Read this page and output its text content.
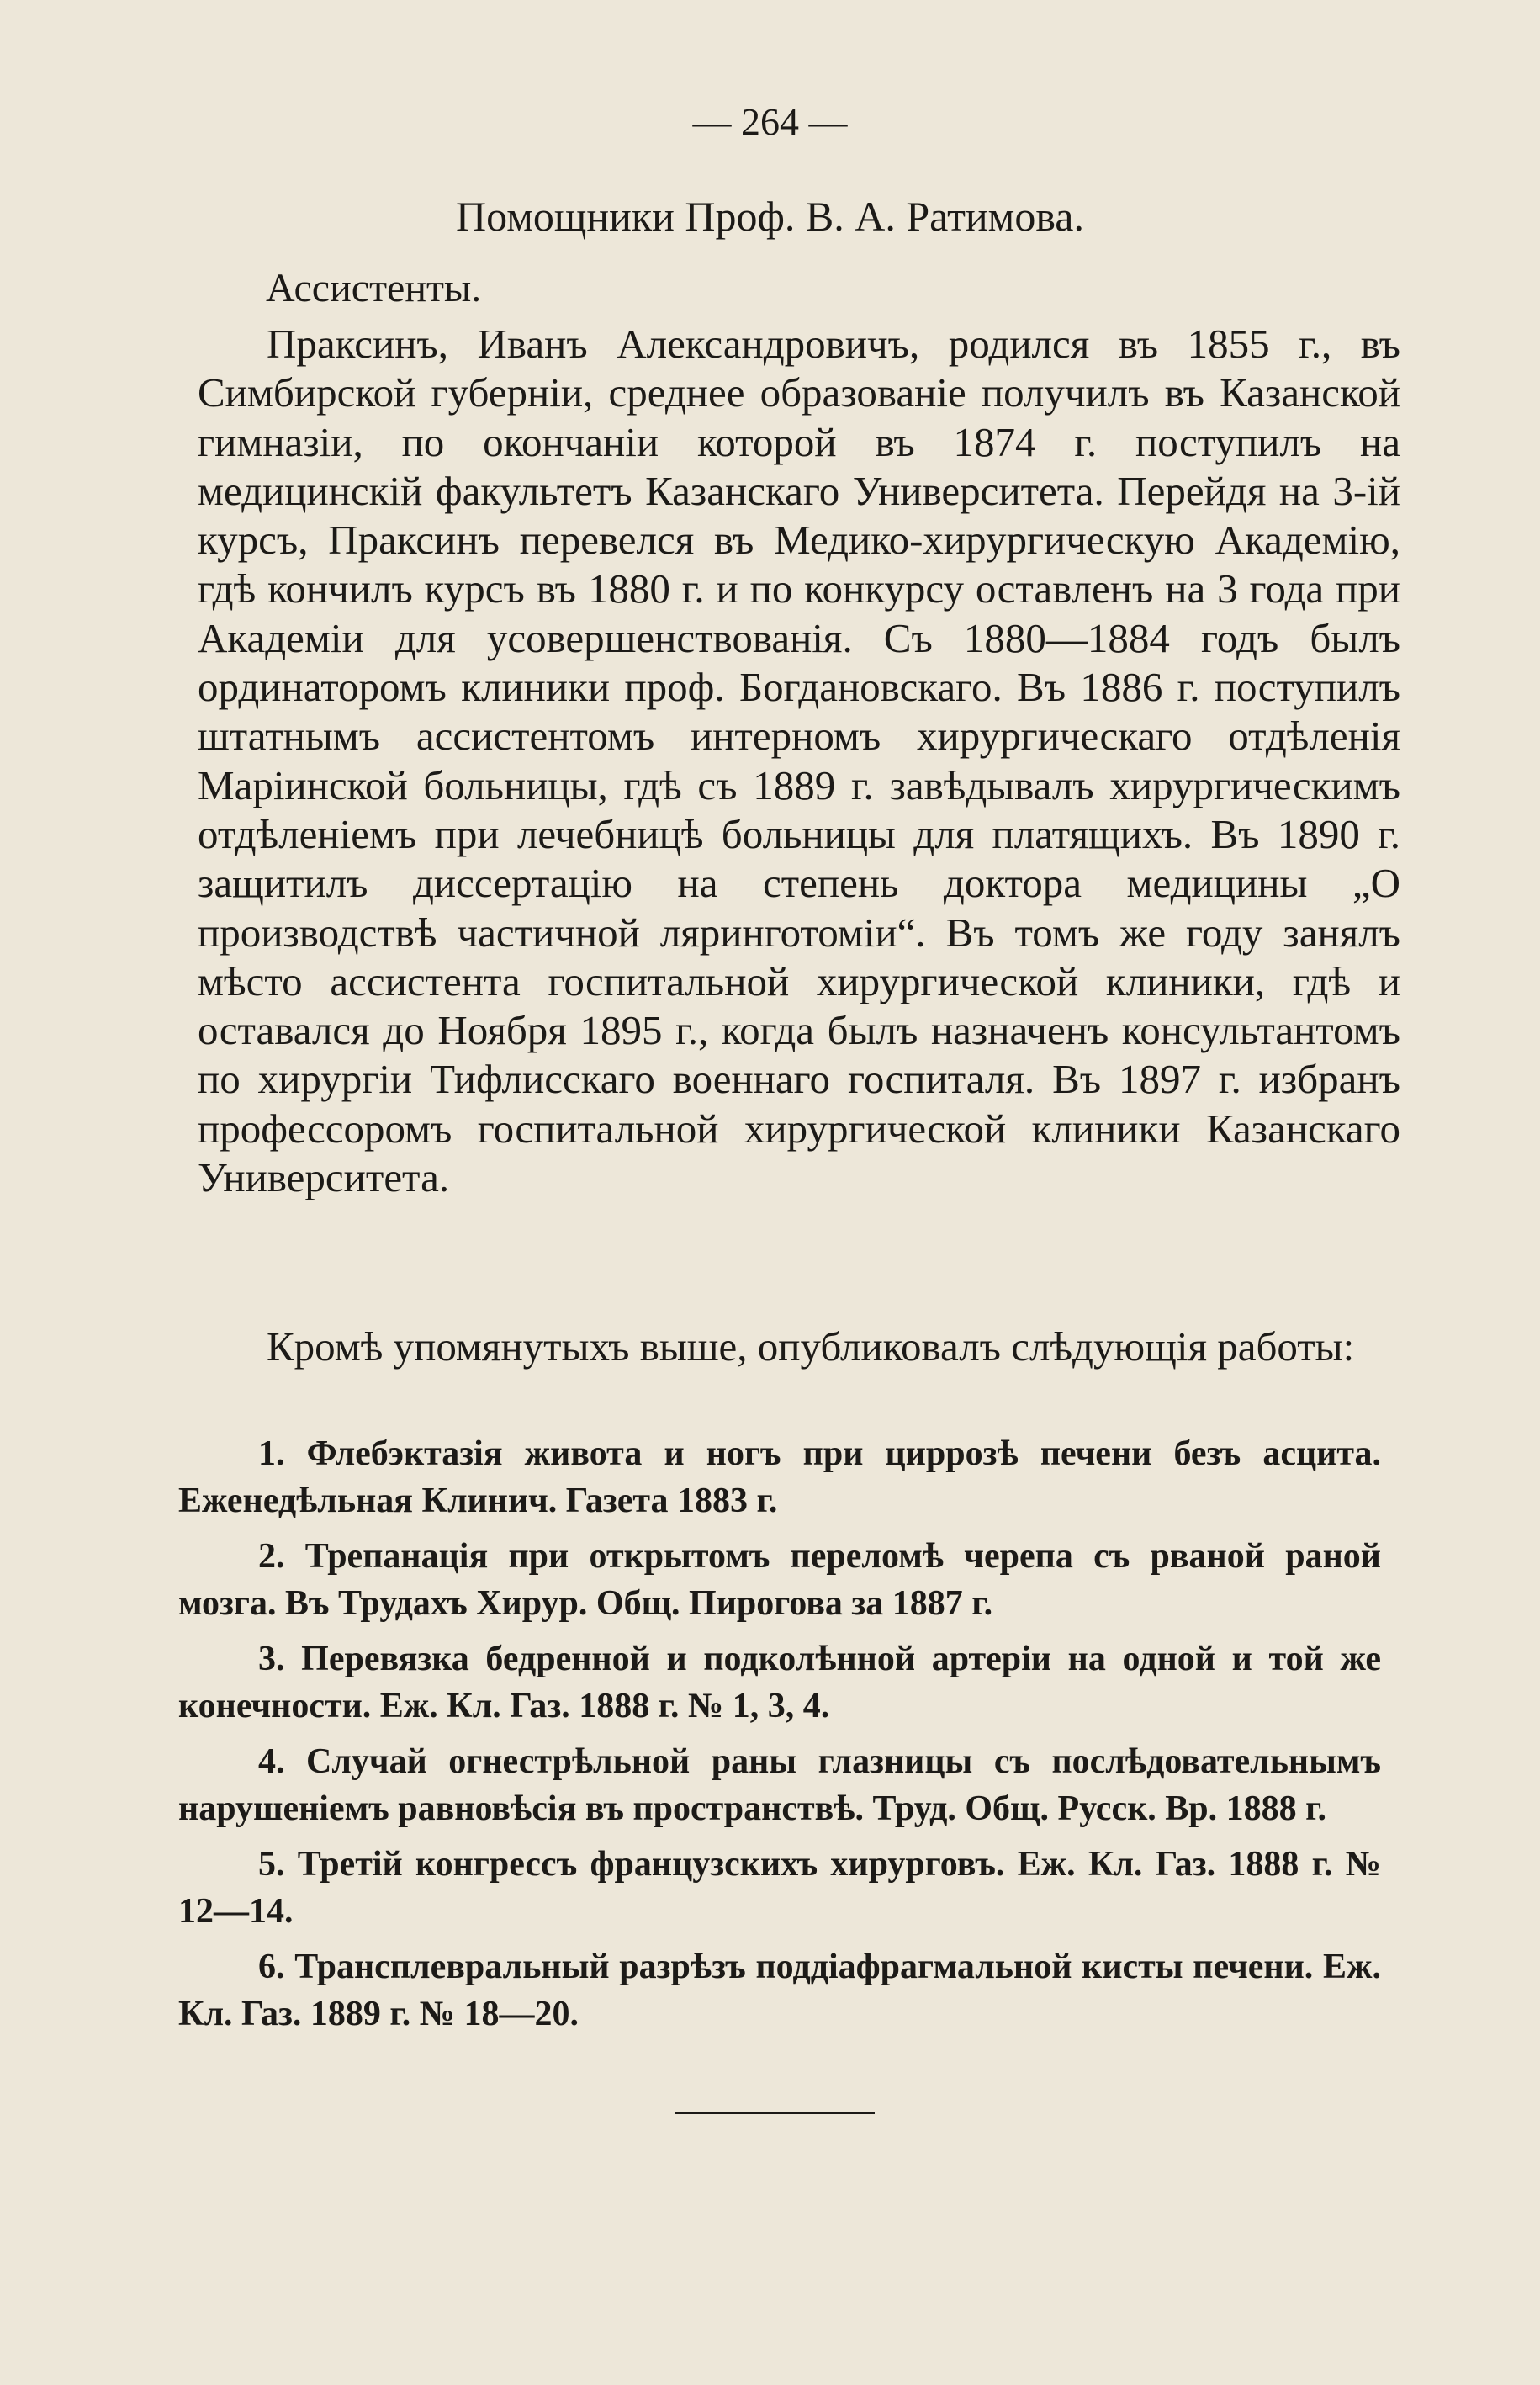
— 264 —
Помощники Проф. В. А. Ратимова.
Ассистенты.

Праксинъ, Иванъ Александровичъ, родился въ 1855 г., въ Симбирской губерніи, среднее образованіе получилъ въ Казанской гимназіи, по окончаніи которой въ 1874 г. поступилъ на медицинскій факультетъ Казанскаго Университета. Перейдя на 3-ій курсъ, Праксинъ перевелся въ Медико-хирургическую Академію, гдѣ кончилъ курсъ въ 1880 г. и по конкурсу оставленъ на 3 года при Академіи для усовершенствованія. Съ 1880—1884 годъ былъ ординаторомъ клиники проф. Богдановскаго. Въ 1886 г. поступилъ штатнымъ ассистентомъ интерномъ хирургическаго отдѣленія Маріинской больницы, гдѣ съ 1889 г. завѣдывалъ хирургическимъ отдѣленіемъ при лечебницѣ больницы для платящихъ. Въ 1890 г. защитилъ диссертацію на степень доктора медицины „О производствѣ частичной ляринготоміи“. Въ томъ же году занялъ мѣсто ассистента госпитальной хирургической клиники, гдѣ и оставался до Ноября 1895 г., когда былъ назначенъ консультантомъ по хирургіи Тифлисскаго военнаго госпиталя. Въ 1897 г. избранъ профессоромъ госпитальной хирургической клиники Казанскаго Университета.

Кромѣ упомянутыхъ выше, опубликовалъ слѣдующія работы:

1. Флебэктазія живота и ногъ при циррозѣ печени безъ асцита. Еженедѣльная Клинич. Газета 1883 г.
2. Трепанація при открытомъ переломѣ черепа съ рваной раной мозга. Въ Трудахъ Хирур. Общ. Пирогова за 1887 г.
3. Перевязка бедренной и подколѣнной артеріи на одной и той же конечности. Еж. Кл. Газ. 1888 г. № 1, 3, 4.
4. Случай огнестрѣльной раны глазницы съ послѣдовательнымъ нарушеніемъ равновѣсія въ пространствѣ. Труд. Общ. Русск. Вр. 1888 г.
5. Третій конгрессъ французскихъ хирурговъ. Еж. Кл. Газ. 1888 г. № 12—14.
6. Трансплевральный разрѣзъ поддіафрагмальной кисты печени. Еж. Кл. Газ. 1889 г. № 18—20.
